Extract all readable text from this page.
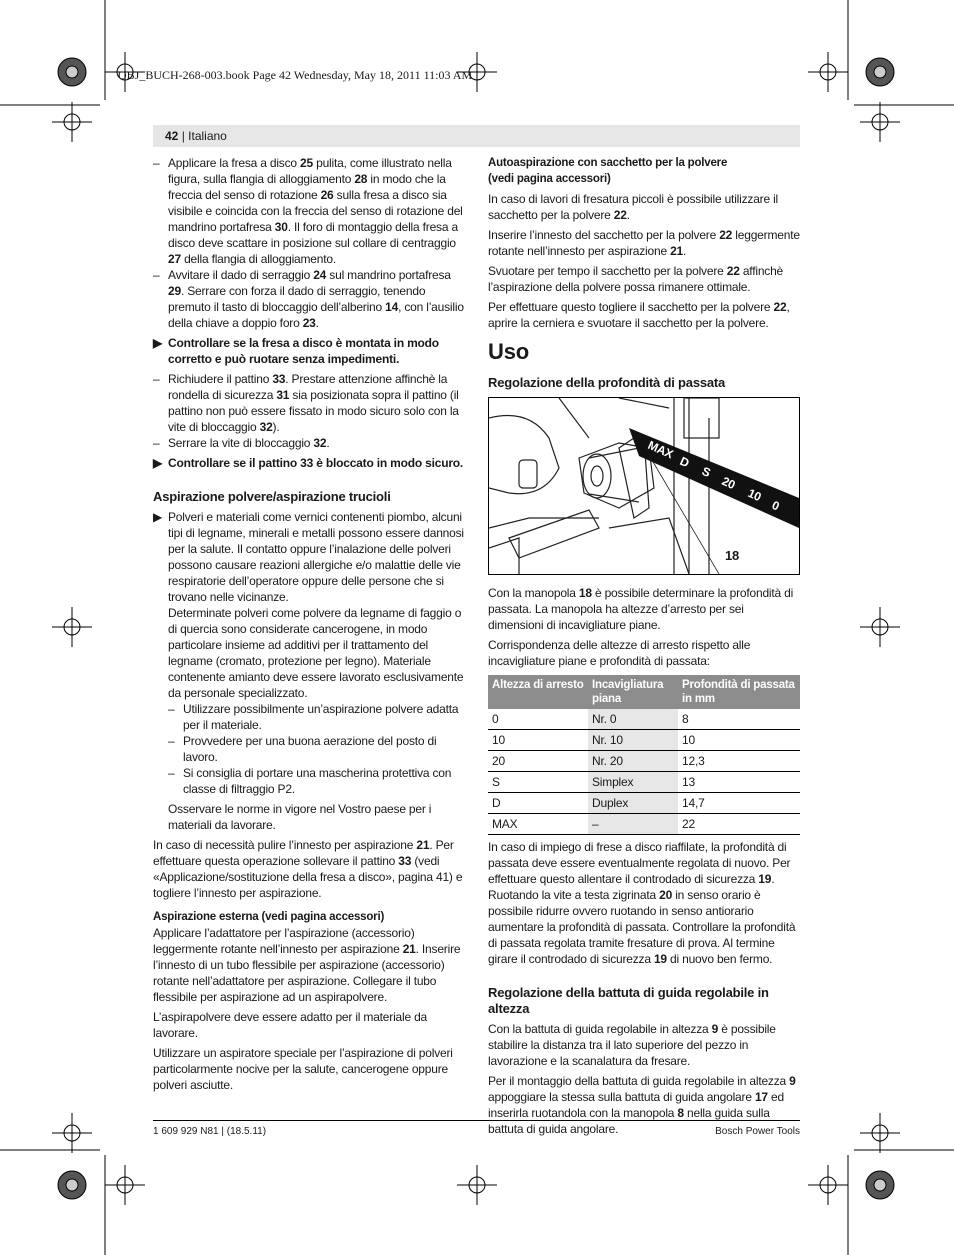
OBJ_BUCH-268-003.book Page 42 Wednesday, May 18, 2011 11:03 AM
42 | Italiano

– Applicare la fresa a disco 25 pulita, come illustrato nella figura, sulla flangia di alloggiamento 28 in modo che la freccia del senso di rotazione 26 sulla fresa a disco sia visibile e coincida con la freccia del senso di rotazione del mandrino portafresa 30. Il foro di montaggio della fresa a disco deve scattare in posizione sul collare di centraggio 27 della flangia di alloggiamento.

– Avvitare il dado di serraggio 24 sul mandrino portafresa 29. Serrare con forza il dado di serraggio, tenendo premuto il tasto di bloccaggio dell’alberino 14, con l’ausilio della chiave a doppio foro 23.

▶ Controllare se la fresa a disco è montata in modo corretto e può ruotare senza impedimenti.

– Richiudere il pattino 33. Prestare attenzione affinchè la rondella di sicurezza 31 sia posizionata sopra il pattino (il pattino non può essere fissato in modo sicuro solo con la vite di bloccaggio 32).

– Serrare la vite di bloccaggio 32.

▶ Controllare se il pattino 33 è bloccato in modo sicuro.

Aspirazione polvere/aspirazione trucioli

▶ Polveri e materiali come vernici contenenti piombo, alcuni tipi di legname, minerali e metalli possono essere dannosi per la salute. Il contatto oppure l’inalazione delle polveri possono causare reazioni allergiche e/o malattie delle vie respiratorie dell’operatore oppure delle persone che si trovano nelle vicinanze.

Determinate polveri come polvere da legname di faggio o di quercia sono considerate cancerogene, in modo particolare insieme ad additivi per il trattamento del legname (cromato, protezione per legno). Materiale contenente amianto deve essere lavorato esclusivamente da personale specializzato.

– Utilizzare possibilmente un’aspirazione polvere adatta per il materiale.

– Provvedere per una buona aerazione del posto di lavoro.

– Si consiglia di portare una mascherina protettiva con classe di filtraggio P2.

Osservare le norme in vigore nel Vostro paese per i materiali da lavorare.

In caso di necessità pulire l’innesto per aspirazione 21. Per effettuare questa operazione sollevare il pattino 33 (vedi «Applicazione/sostituzione della fresa a disco», pagina 41) e togliere l’innesto per aspirazione.

Aspirazione esterna (vedi pagina accessori)

Applicare l’adattatore per l’aspirazione (accessorio) leggermente rotante nell’innesto per aspirazione 21. Inserire l’innesto di un tubo flessibile per aspirazione (accessorio) rotante nell’adattatore per aspirazione. Collegare il tubo flessibile per aspirazione ad un aspirapolvere.

L’aspirapolvere deve essere adatto per il materiale da lavorare.

Utilizzare un aspiratore speciale per l’aspirazione di polveri particolarmente nocive per la salute, cancerogene oppure polveri asciutte.

Autoaspirazione con sacchetto per la polvere
(vedi pagina accessori)

In caso di lavori di fresatura piccoli è possibile utilizzare il sacchetto per la polvere 22.

Inserire l’innesto del sacchetto per la polvere 22 leggermente rotante nell’innesto per aspirazione 21.

Svuotare per tempo il sacchetto per la polvere 22 affinchè l’aspirazione della polvere possa rimanere ottimale.

Per effettuare questo togliere il sacchetto per la polvere 22, aprire la cerniera e svuotare il sacchetto per la polvere.

Uso

Regolazione della profondità di passata

MAX
D
S
20
10
0
18

Con la manopola 18 è possibile determinare la profondità di passata. La manopola ha altezze d’arresto per sei dimensioni di incavigliature piane.

Corrispondenza delle altezze di arresto rispetto alle incavigliature piane e profondità di passata:

Altezza di arresto	Incavigliatura piana	Profondità di passata in mm
0	Nr. 0	8
10	Nr. 10	10
20	Nr. 20	12,3
S	Simplex	13
D	Duplex	14,7
MAX	–	22

In caso di impiego di frese a disco riaffilate, la profondità di passata deve essere eventualmente regolata di nuovo. Per effettuare questo allentare il controdado di sicurezza 19. Ruotando la vite a testa zigrinata 20 in senso orario è possibile ridurre ovvero ruotando in senso antiorario aumentare la profondità di passata. Controllare la profondità di passata regolata tramite fresature di prova. Al termine girare il controdado di sicurezza 19 di nuovo ben fermo.

Regolazione della battuta di guida regolabile in altezza

Con la battuta di guida regolabile in altezza 9 è possibile stabilire la distanza tra il lato superiore del pezzo in lavorazione e la scanalatura da fresare.

Per il montaggio della battuta di guida regolabile in altezza 9 appoggiare la stessa sulla battuta di guida angolare 17 ed inserirla ruotandola con la manopola 8 nella guida sulla battuta di guida angolare.

1 609 929 N81 | (18.5.11)	Bosch Power Tools
